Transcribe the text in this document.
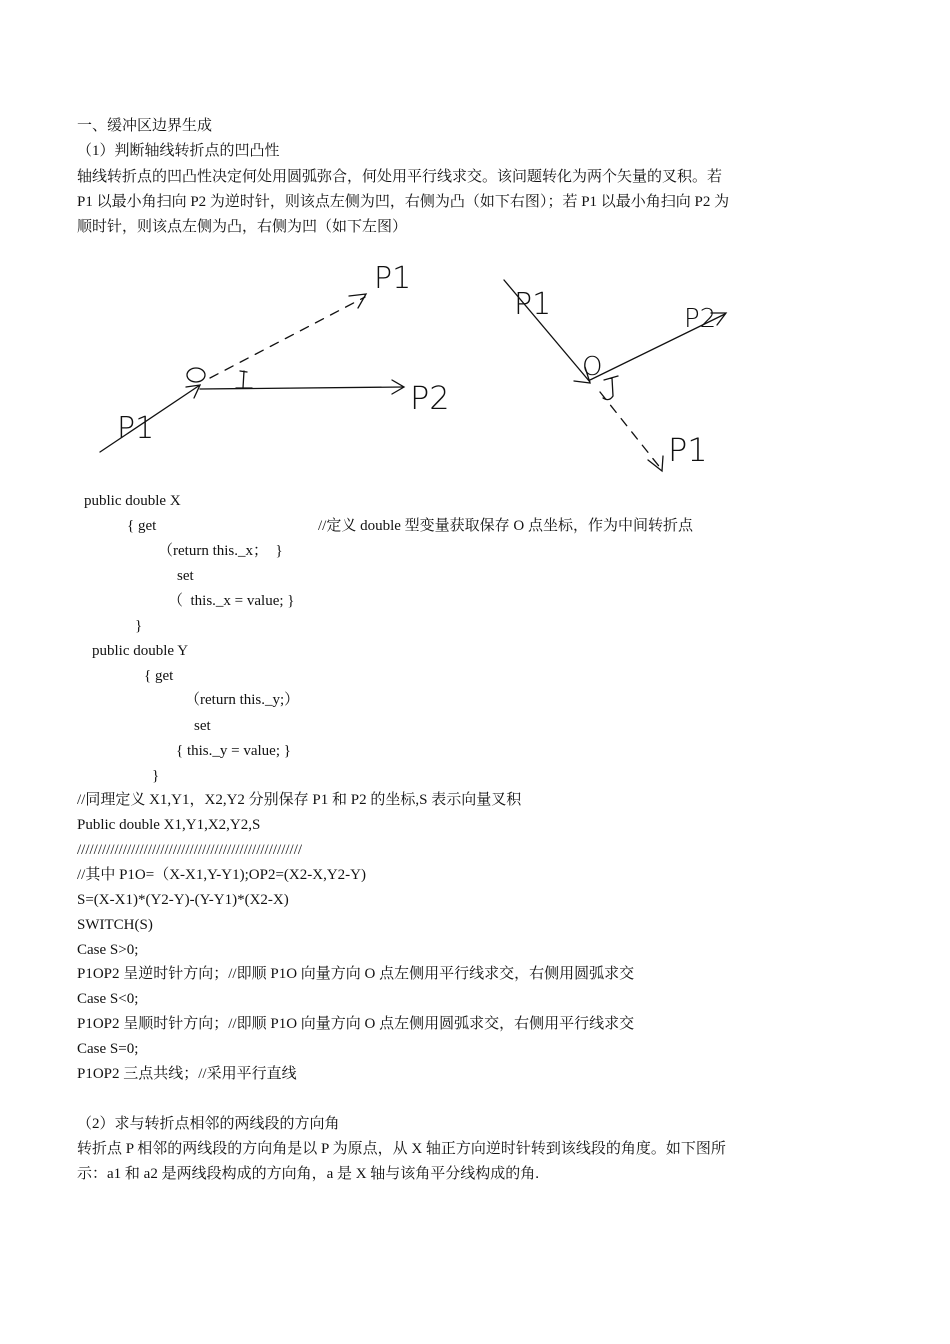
一、缓冲区边界生成
（1）判断轴线转折点的凹凸性
轴线转折点的凹凸性决定何处用圆弧弥合，何处用平行线求交。该问题转化为两个矢量的叉积。若
P1 以最小角扫向 P2 为逆时针，则该点左侧为凹，右侧为凸（如下右图）；若 P1 以最小角扫向 P2 为
顺时针，则该点左侧为凸，右侧为凹（如下左图）
P1
P2
P1
P1	P2
O
P1
public double X
{ get	//定义 double 型变量获取保存 O 点坐标，作为中间转折点
（return this._x；  }
set
（  this._x = value; }
}
public double Y
{ get
（return this._y;）
set
{ this._y = value; }
}
//同理定义 X1,Y1，X2,Y2 分别保存 P1 和 P2 的坐标,S 表示向量叉积
Public double X1,Y1,X2,Y2,S
//////////////////////////////////////////////////////
//其中 P1O=（X-X1,Y-Y1);OP2=(X2-X,Y2-Y)
S=(X-X1)*(Y2-Y)-(Y-Y1)*(X2-X)
SWITCH(S)
Case S>0;
P1OP2 呈逆时针方向；//即顺 P1O 向量方向 O 点左侧用平行线求交，右侧用圆弧求交
Case S<0;
P1OP2 呈顺时针方向；//即顺 P1O 向量方向 O 点左侧用圆弧求交，右侧用平行线求交
Case S=0;
P1OP2 三点共线；//采用平行直线
（2）求与转折点相邻的两线段的方向角
转折点 P 相邻的两线段的方向角是以 P 为原点，从 X 轴正方向逆时针转到该线段的角度。如下图所
示：a1 和 a2 是两线段构成的方向角，a 是 X 轴与该角平分线构成的角.
